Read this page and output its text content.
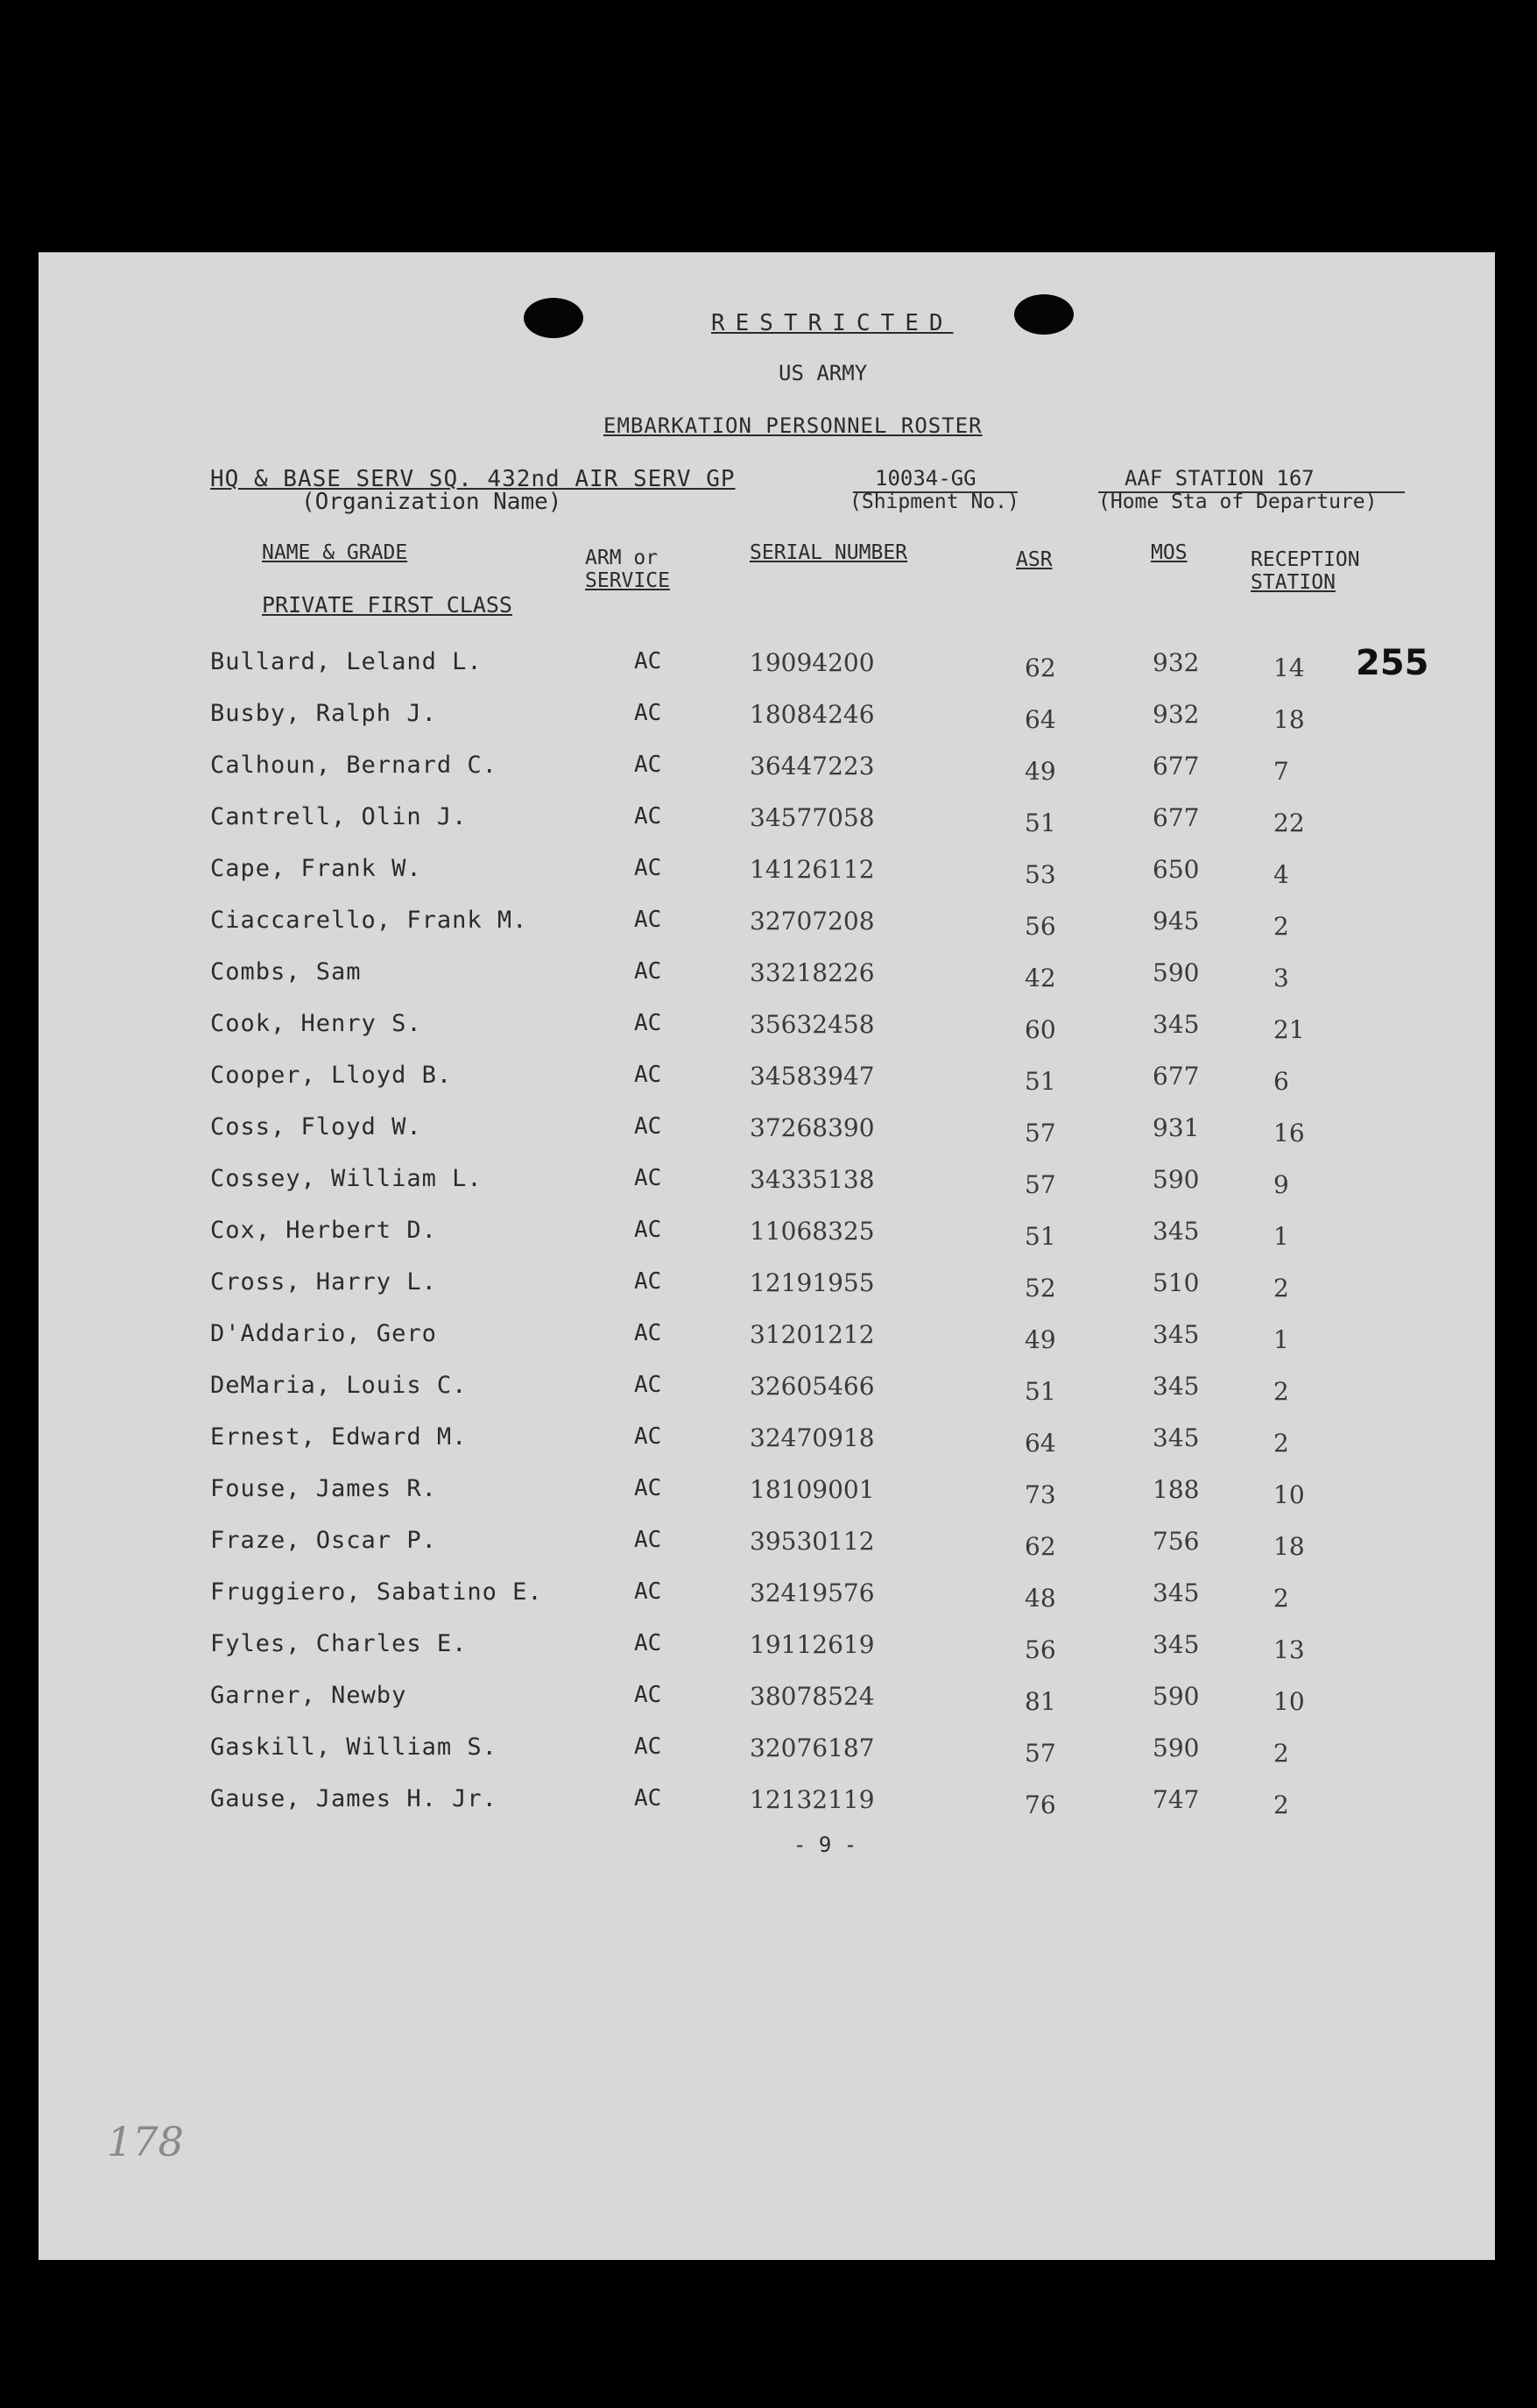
RESTRICTED
US ARMY
EMBARKATION PERSONNEL ROSTER
HQ & BASE SERV SQ. 432nd AIR SERV GP
(Organization Name)
10034-GG
(Shipment No.)
AAF STATION 167
(Home Sta of Departure)
NAME & GRADE	ARM or
SERVICE
SERIAL NUMBER	ASR	MOS	RECEPTION
STATION
PRIVATE FIRST CLASS
255
Bullard, Leland L.	AC	19094200	62	932	14
Busby, Ralph J.	AC	18084246	64	932	18
Calhoun, Bernard C.	AC	36447223	49	677	7
Cantrell, Olin J.	AC	34577058	51	677	22
Cape, Frank W.	AC	14126112	53	650	4
Ciaccarello, Frank M.	AC	32707208	56	945	2
Combs, Sam	AC	33218226	42	590	3
Cook, Henry S.	AC	35632458	60	345	21
Cooper, Lloyd B.	AC	34583947	51	677	6
Coss, Floyd W.	AC	37268390	57	931	16
Cossey, William L.	AC	34335138	57	590	9
Cox, Herbert D.	AC	11068325	51	345	1
Cross, Harry L.	AC	12191955	52	510	2
D'Addario, Gero	AC	31201212	49	345	1
DeMaria, Louis C.	AC	32605466	51	345	2
Ernest, Edward M.	AC	32470918	64	345	2
Fouse, James R.	AC	18109001	73	188	10
Fraze, Oscar P.	AC	39530112	62	756	18
Fruggiero, Sabatino E.	AC	32419576	48	345	2
Fyles, Charles E.	AC	19112619	56	345	13
Garner, Newby	AC	38078524	81	590	10
Gaskill, William S.	AC	32076187	57	590	2
Gause, James H. Jr.	AC	12132119	76	747	2
- 9 -
178
